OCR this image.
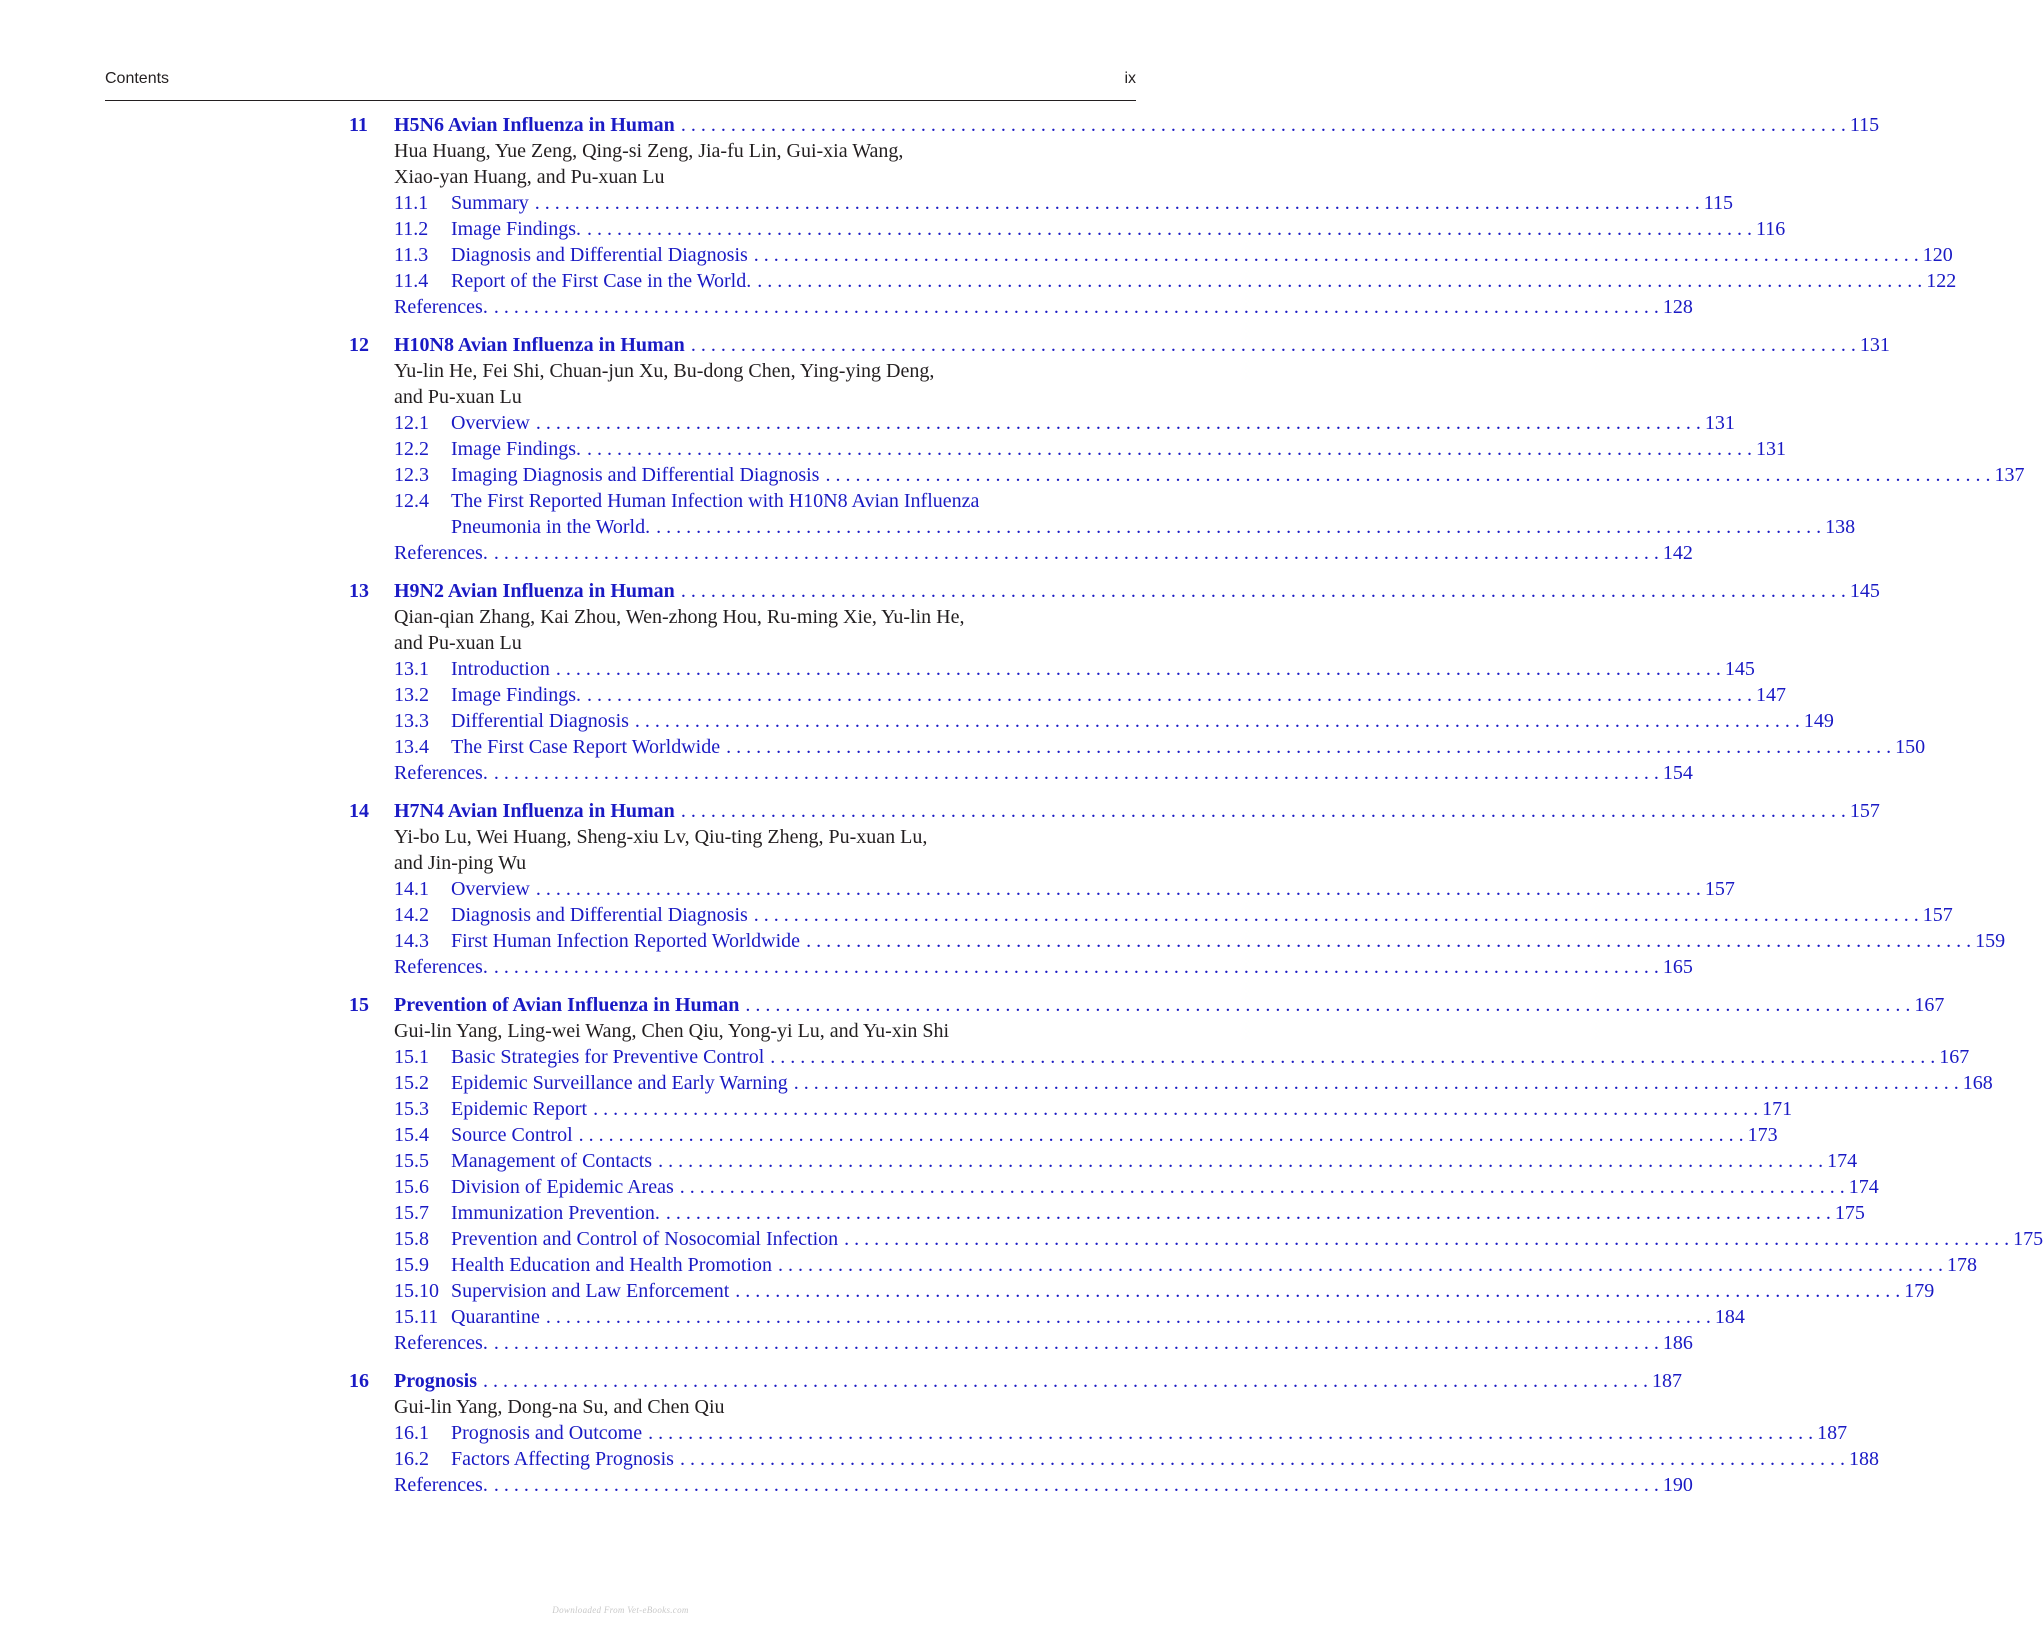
Contents	ix
11	H5N6 Avian Influenza in Human . . .	115
Hua Huang, Yue Zeng, Qing-si Zeng, Jia-fu Lin, Gui-xia Wang,
Xiao-yan Huang, and Pu-xuan Lu
11.1	Summary . . .	115
11.2	Image Findings. . . .	116
11.3	Diagnosis and Differential Diagnosis . . .	120
11.4	Report of the First Case in the World. . . .	122
References. . . .	128
12	H10N8 Avian Influenza in Human . . .	131
Yu-lin He, Fei Shi, Chuan-jun Xu, Bu-dong Chen, Ying-ying Deng,
and Pu-xuan Lu
12.1	Overview . . .	131
12.2	Image Findings. . . .	131
12.3	Imaging Diagnosis and Differential Diagnosis . . .	137
12.4	The First Reported Human Infection with H10N8 Avian Influenza
Pneumonia in the World. . . .	138
References. . . .	142
13	H9N2 Avian Influenza in Human . . .	145
Qian-qian Zhang, Kai Zhou, Wen-zhong Hou, Ru-ming Xie, Yu-lin He,
and Pu-xuan Lu
13.1	Introduction . . .	145
13.2	Image Findings. . . .	147
13.3	Differential Diagnosis . . .	149
13.4	The First Case Report Worldwide . . .	150
References. . . .	154
14	H7N4 Avian Influenza in Human . . .	157
Yi-bo Lu, Wei Huang, Sheng-xiu Lv, Qiu-ting Zheng, Pu-xuan Lu,
and Jin-ping Wu
14.1	Overview . . .	157
14.2	Diagnosis and Differential Diagnosis . . .	157
14.3	First Human Infection Reported Worldwide . . .	159
References. . . .	165
15	Prevention of Avian Influenza in Human . . .	167
Gui-lin Yang, Ling-wei Wang, Chen Qiu, Yong-yi Lu, and Yu-xin Shi
15.1	Basic Strategies for Preventive Control . . .	167
15.2	Epidemic Surveillance and Early Warning . . .	168
15.3	Epidemic Report . . .	171
15.4	Source Control . . .	173
15.5	Management of Contacts . . .	174
15.6	Division of Epidemic Areas . . .	174
15.7	Immunization Prevention. . . .	175
15.8	Prevention and Control of Nosocomial Infection . . .	175
15.9	Health Education and Health Promotion . . .	178
15.10 Supervision and Law Enforcement . . .	179
15.11 Quarantine . . .	184
References. . . .	186
16	Prognosis . . .	187
Gui-lin Yang, Dong-na Su, and Chen Qiu
16.1	Prognosis and Outcome . . .	187
16.2	Factors Affecting Prognosis . . .	188
References. . . .	190
Downloaded From Vet-eBooks.com
